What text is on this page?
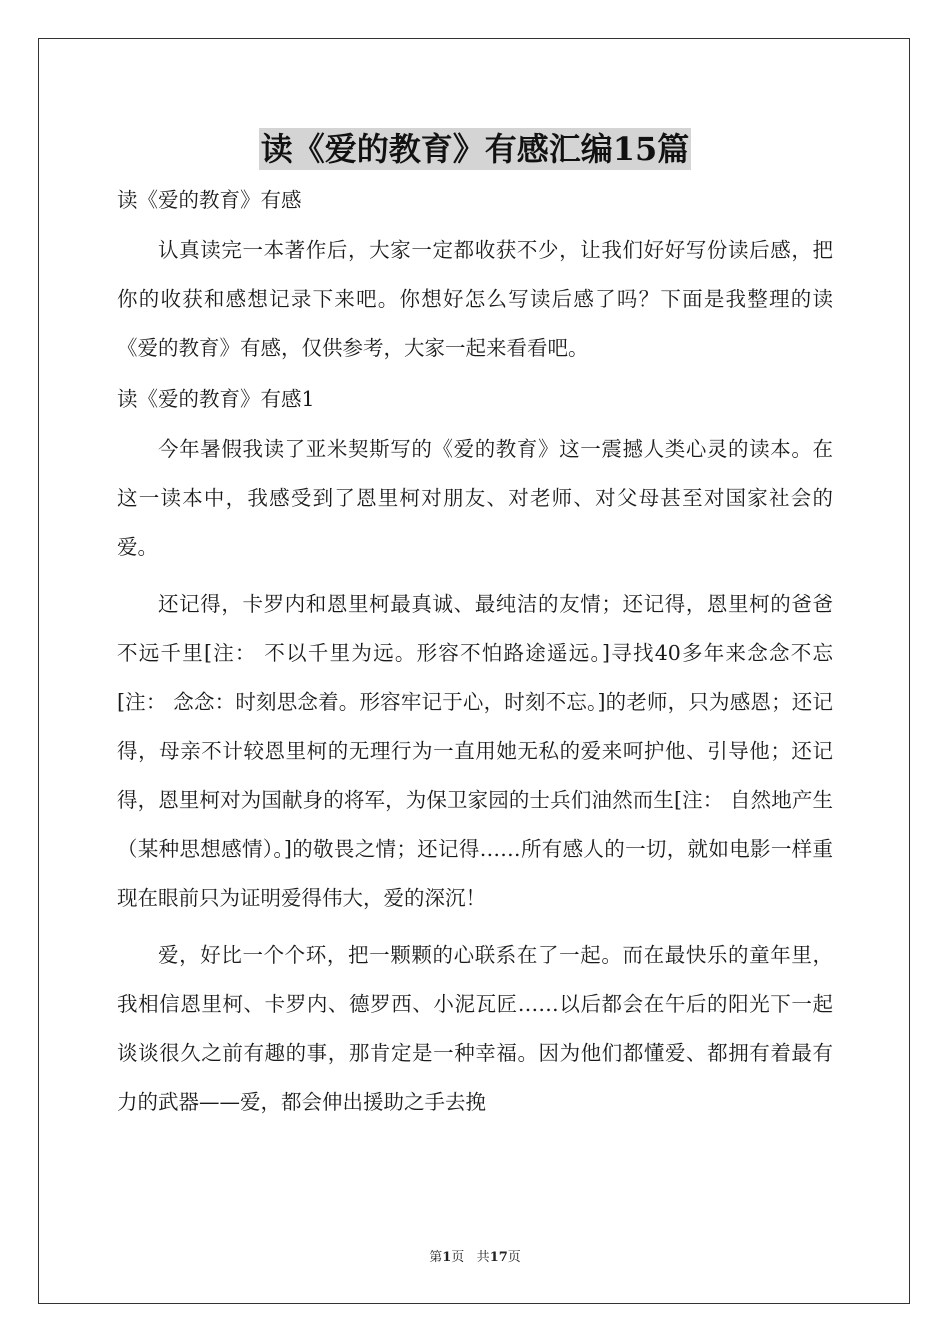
读《爱的教育》有感汇编15篇

读《爱的教育》有感

认真读完一本著作后，大家一定都收获不少，让我们好好写份读后感，把你的收获和感想记录下来吧。你想好怎么写读后感了吗？下面是我整理的读《爱的教育》有感，仅供参考，大家一起来看看吧。

读《爱的教育》有感1

今年暑假我读了亚米契斯写的《爱的教育》这一震撼人类心灵的读本。在这一读本中，我感受到了恩里柯对朋友、对老师、对父母甚至对国家社会的爱。

还记得，卡罗内和恩里柯最真诚、最纯洁的友情；还记得，恩里柯的爸爸不远千里[注： 不以千里为远。形容不怕路途遥远。]寻找40多年来念念不忘[注： 念念：时刻思念着。形容牢记于心，时刻不忘。]的老师，只为感恩；还记得，母亲不计较恩里柯的无理行为一直用她无私的爱来呵护他、引导他；还记得，恩里柯对为国献身的将军，为保卫家园的士兵们油然而生[注： 自然地产生（某种思想感情）。]的敬畏之情；还记得……所有感人的一切，就如电影一样重现在眼前只为证明爱得伟大，爱的深沉！

爱，好比一个个环，把一颗颗的心联系在了一起。而在最快乐的童年里，我相信恩里柯、卡罗内、德罗西、小泥瓦匠……以后都会在午后的阳光下一起谈谈很久之前有趣的事，那肯定是一种幸福。因为他们都懂爱、都拥有着最有力的武器——爱，都会伸出援助之手去挽

第1页 共17页
